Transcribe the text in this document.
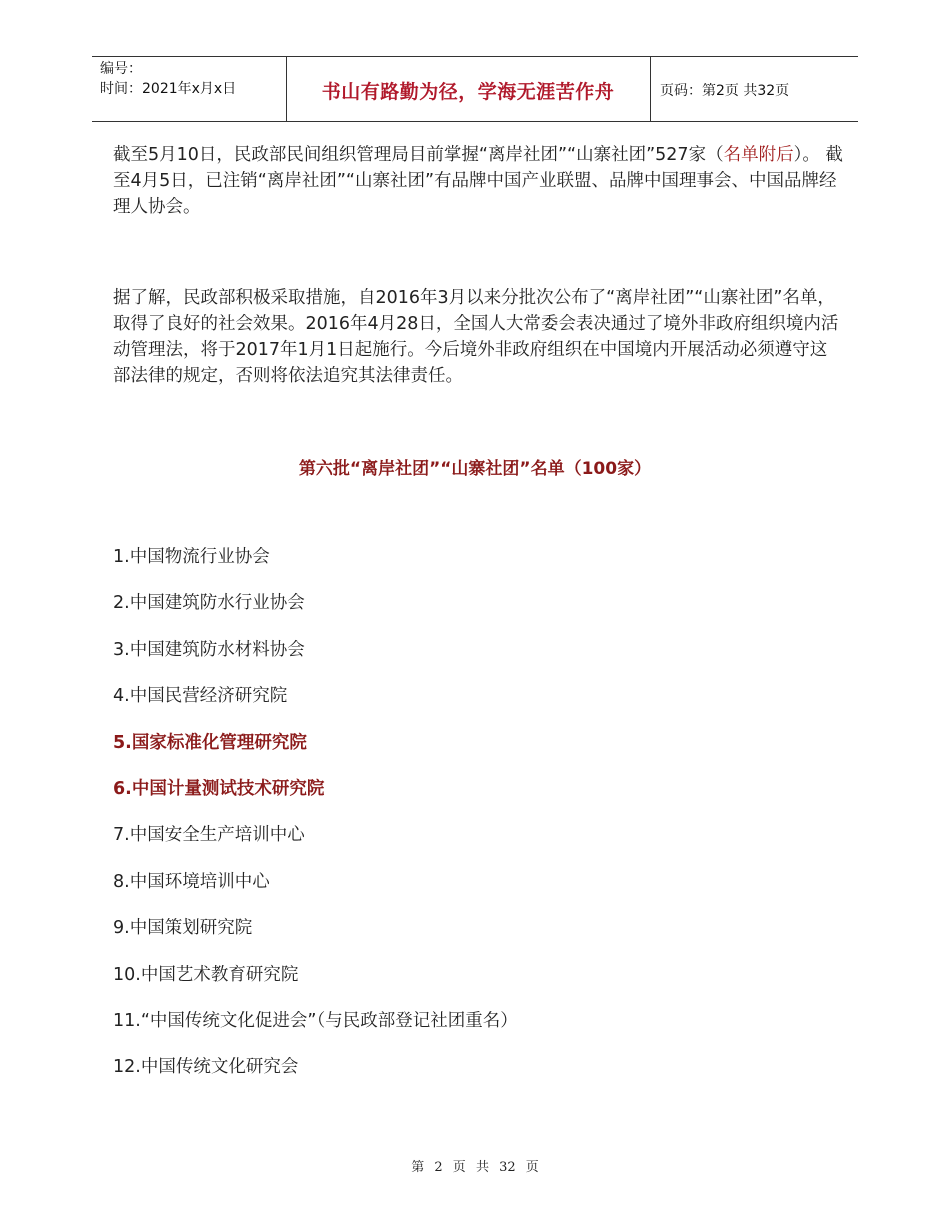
编号：
时间：2021年x月x日	书山有路勤为径，学海无涯苦作舟	页码：第2页 共32页

截至5月10日，民政部民间组织管理局目前掌握“离岸社团”“山寨社团”527家（名单附后）。 截至4月5日，已注销“离岸社团”“山寨社团”有品牌中国产业联盟、品牌中国理事会、中国品牌经理人协会。

据了解，民政部积极采取措施，自2016年3月以来分批次公布了“离岸社团”“山寨社团”名单，取得了良好的社会效果。2016年4月28日，全国人大常委会表决通过了境外非政府组织境内活动管理法，将于2017年1月1日起施行。今后境外非政府组织在中国境内开展活动必须遵守这部法律的规定，否则将依法追究其法律责任。

第六批“离岸社团”“山寨社团”名单（100家）
1.中国物流行业协会
2.中国建筑防水行业协会
3.中国建筑防水材料协会
4.中国民营经济研究院
5.国家标准化管理研究院
6.中国计量测试技术研究院
7.中国安全生产培训中心
8.中国环境培训中心
9.中国策划研究院
10.中国艺术教育研究院
11.“中国传统文化促进会”（与民政部登记社团重名）
12.中国传统文化研究会
第 2 页 共 32 页
